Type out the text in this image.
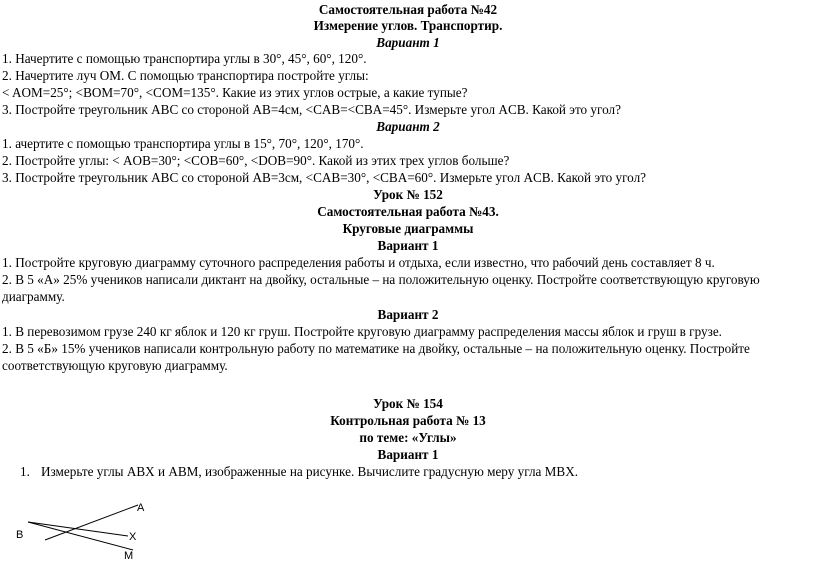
Самостоятельная работа №42
Измерение углов. Транспортир.
Вариант 1
1. Начертите с помощью транспортира углы в 30°, 45°, 60°, 120°.
2. Начертите луч ОМ. С помощью транспортира постройте углы:
< AOM=25°; <BOM=70°, <COM=135°. Какие из этих углов острые, а какие тупые?
3. Постройте треугольник ABC со стороной AB=4см, <CAB=<CBA=45°. Измерьте угол ACB. Какой это угол?
Вариант 2
1. ачертите с помощью транспортира углы в 15°, 70°, 120°, 170°.
2. Постройте углы: < AOB=30°; <COB=60°, <DOB=90°. Какой из этих трех углов больше?
3. Постройте треугольник ABC со стороной AB=3см, <CAB=30°, <CBA=60°. Измерьте угол ACB. Какой это угол?
Урок № 152
Самостоятельная работа №43.
Круговые диаграммы
Вариант 1
1. Постройте круговую диаграмму суточного распределения работы и отдыха, если известно, что рабочий день составляет 8 ч.
2. В 5 «А» 25% учеников написали диктант на двойку, остальные – на положительную оценку. Постройте соответствующую круговую
диаграмму.
Вариант 2
1. В перевозимом грузе 240 кг яблок и 120 кг груш. Постройте круговую диаграмму распределения массы яблок и груш в грузе.
2. В 5 «Б» 15% учеников написали контрольную работу по математике на двойку, остальные – на положительную оценку. Постройте
соответствующую круговую диаграмму.
Урок № 154
Контрольная работа № 13
по теме: «Углы»
Вариант 1
1. Измерьте углы ABX и ABM, изображенные на рисунке. Вычислите градусную меру угла MBX.
A
B	X
M
